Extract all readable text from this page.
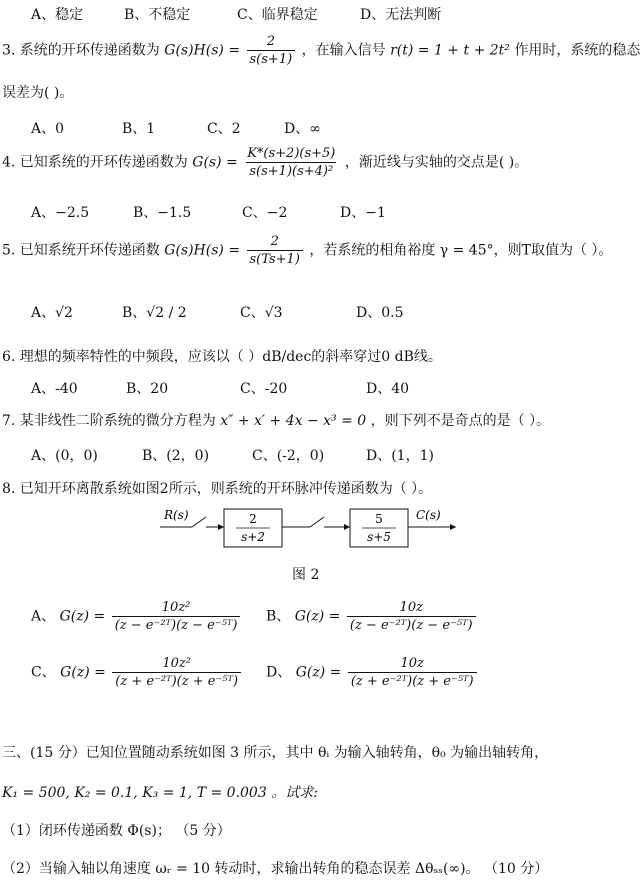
A、稳定	B、不稳定	C、临界稳定	D、无法判断
3. 系统的开环传递函数为 $G(s)H(s) = \frac{2}{s(s+1)}$ ，在输入信号 r(t) = 1 + t + 2t² 作用时，系统的稳态
误差为( )。
A、0	B、1	C、2	D、∞
4. 已知系统的开环传递函数为 $G(s) = \frac{K*(s+2)(s+5)}{\text{s(s+1)(s+4)²}}$ ，渐近线与实轴的交点是( )。
A、−2.5	B、−1.5	C、−2	D、−1
5. 已知系统开环传递函数 $G(s)H(s) = \frac{2}{s(Ts+1)}$ ，若系统的相角裕度 γ = 45°，则T取值为（ ）。
A、√2	B、√2 / 2	C、√3	D、0.5
6. 理想的频率特性的中频段，应该以（ ）dB/dec的斜率穿过0 dB线。
A、-40	B、20	C、-20	D、40
7. 某非线性二阶系统的微分方程为 x″ + x′ + 4x − x³ = 0 ，则下列不是奇点的是（ ）。
A、(0，0)	B、(2，0)	C、(-2，0)	D、(1，1)
8. 已知开环离散系统如图2所示，则系统的开环脉冲传递函数为（ ）。
R(s)	2
s+2
5
s+5
C(s)
图 2
A、 $G(z) = \frac{\text{10z²}}{\text{(z − e⁻²ᵀ)(z − e⁻⁵ᵀ)}}$ B、 $G(z) = \frac{10z}{\text{(z − e⁻²ᵀ)(z − e⁻⁵ᵀ)}}$
C、 $G(z) = \frac{\text{10z²}}{\text{(z + e⁻²ᵀ)(z + e⁻⁵ᵀ)}}$ D、 $G(z) = \frac{10z}{\text{(z + e⁻²ᵀ)(z + e⁻⁵ᵀ)}}$
三、(15 分）已知位置随动系统如图 3 所示，其中 θᵢ 为输入轴转角，θ₀ 为输出轴转角，
K₁ = 500, K₂ = 0.1, K₃ = 1, T = 0.003 。试求:
（1）闭环传递函数 Φ(s)； （5 分）
（2）当输入轴以角速度 ωᵣ = 10 转动时，求输出转角的稳态误差 Δθₛₛ(∞)。 （10 分）
